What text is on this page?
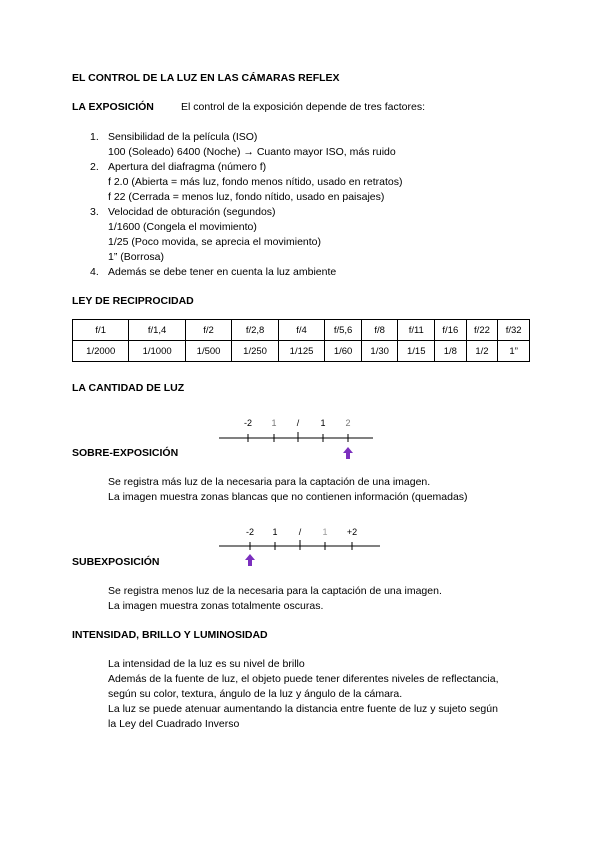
EL CONTROL DE LA LUZ EN LAS CÁMARAS REFLEX
LA EXPOSICIÓN	El control de la exposición depende de tres factores:
1. Sensibilidad de la película (ISO)
100 (Soleado) 6400 (Noche) → Cuanto mayor ISO, más ruido
2. Apertura del diafragma (número f)
f 2.0 (Abierta = más luz, fondo menos nítido, usado en retratos)
f 22 (Cerrada = menos luz, fondo nítido, usado en paisajes)
3. Velocidad de obturación (segundos)
1/1600 (Congela el movimiento)
1/25 (Poco movida, se aprecia el movimiento)
1” (Borrosa)
4. Además se debe tener en cuenta la luz ambiente
LEY DE RECIPROCIDAD
f/1	f/1,4	f/2	f/2,8	f/4	f/5,6	f/8	f/11	f/16	f/22	f/32
1/2000	1/1000	1/500	1/250	1/125	1/60	1/30	1/15	1/8	1/2	1”
LA CANTIDAD DE LUZ
-2 1 / 1 2
SOBRE-EXPOSICIÓN
Se registra más luz de la necesaria para la captación de una imagen.
La imagen muestra zonas blancas que no contienen información (quemadas)
-2 1 / 1 +2
SUBEXPOSICIÓN
Se registra menos luz de la necesaria para la captación de una imagen.
La imagen muestra zonas totalmente oscuras.
INTENSIDAD, BRILLO Y LUMINOSIDAD
La intensidad de la luz es su nivel de brillo
Además de la fuente de luz, el objeto puede tener diferentes niveles de reflectancia,
según su color, textura, ángulo de la luz y ángulo de la cámara.
La luz se puede atenuar aumentando la distancia entre fuente de luz y sujeto según
la Ley del Cuadrado Inverso
